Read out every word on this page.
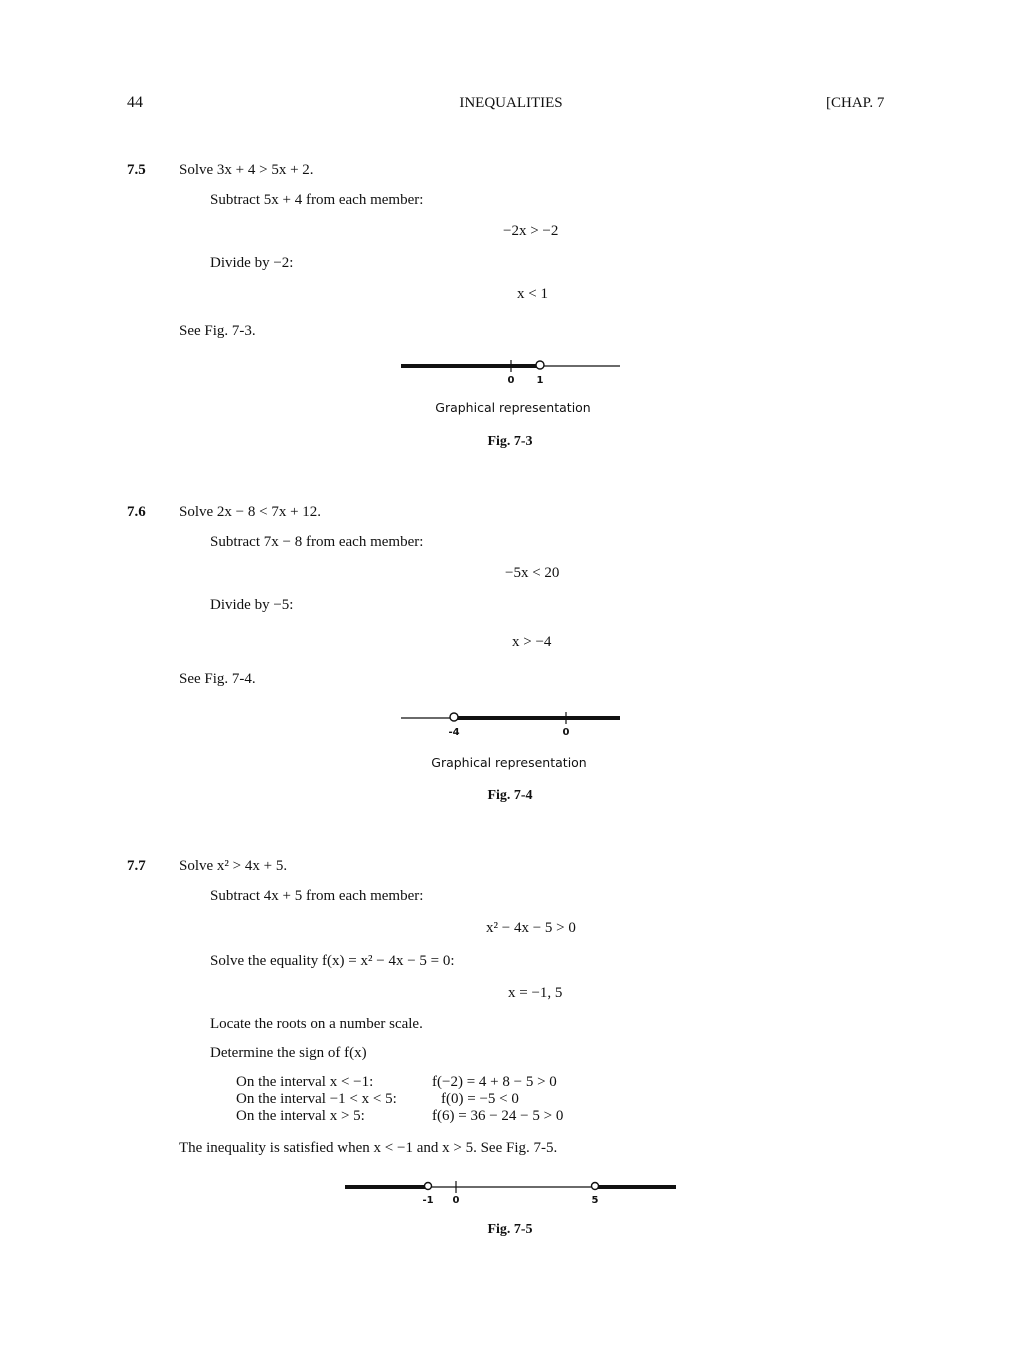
44	INEQUALITIES	[CHAP. 7
7.5 Solve 3x + 4 > 5x + 2.
Subtract 5x + 4 from each member:
−2x > −2
Divide by −2:
x < 1
See Fig. 7-3.
0 1
Graphical representation
Fig. 7-3
7.6 Solve 2x − 8 < 7x + 12.
Subtract 7x − 8 from each member:
−5x < 20
Divide by −5:
x > −4
See Fig. 7-4.
-4	0
Graphical representation
Fig. 7-4
7.7 Solve x² > 4x + 5.
Subtract 4x + 5 from each member:
x² − 4x − 5 > 0
Solve the equality f(x) = x² − 4x − 5 = 0:
x = −1, 5
Locate the roots on a number scale.
Determine the sign of f(x)
On the interval x < −1:	f(−2) = 4 + 8 − 5 > 0
On the interval −1 < x < 5:	f(0) = −5 < 0
On the interval x > 5:	f(6) = 36 − 24 − 5 > 0
The inequality is satisfied when x < −1 and x > 5. See Fig. 7-5.
-1 0	5
Fig. 7-5
